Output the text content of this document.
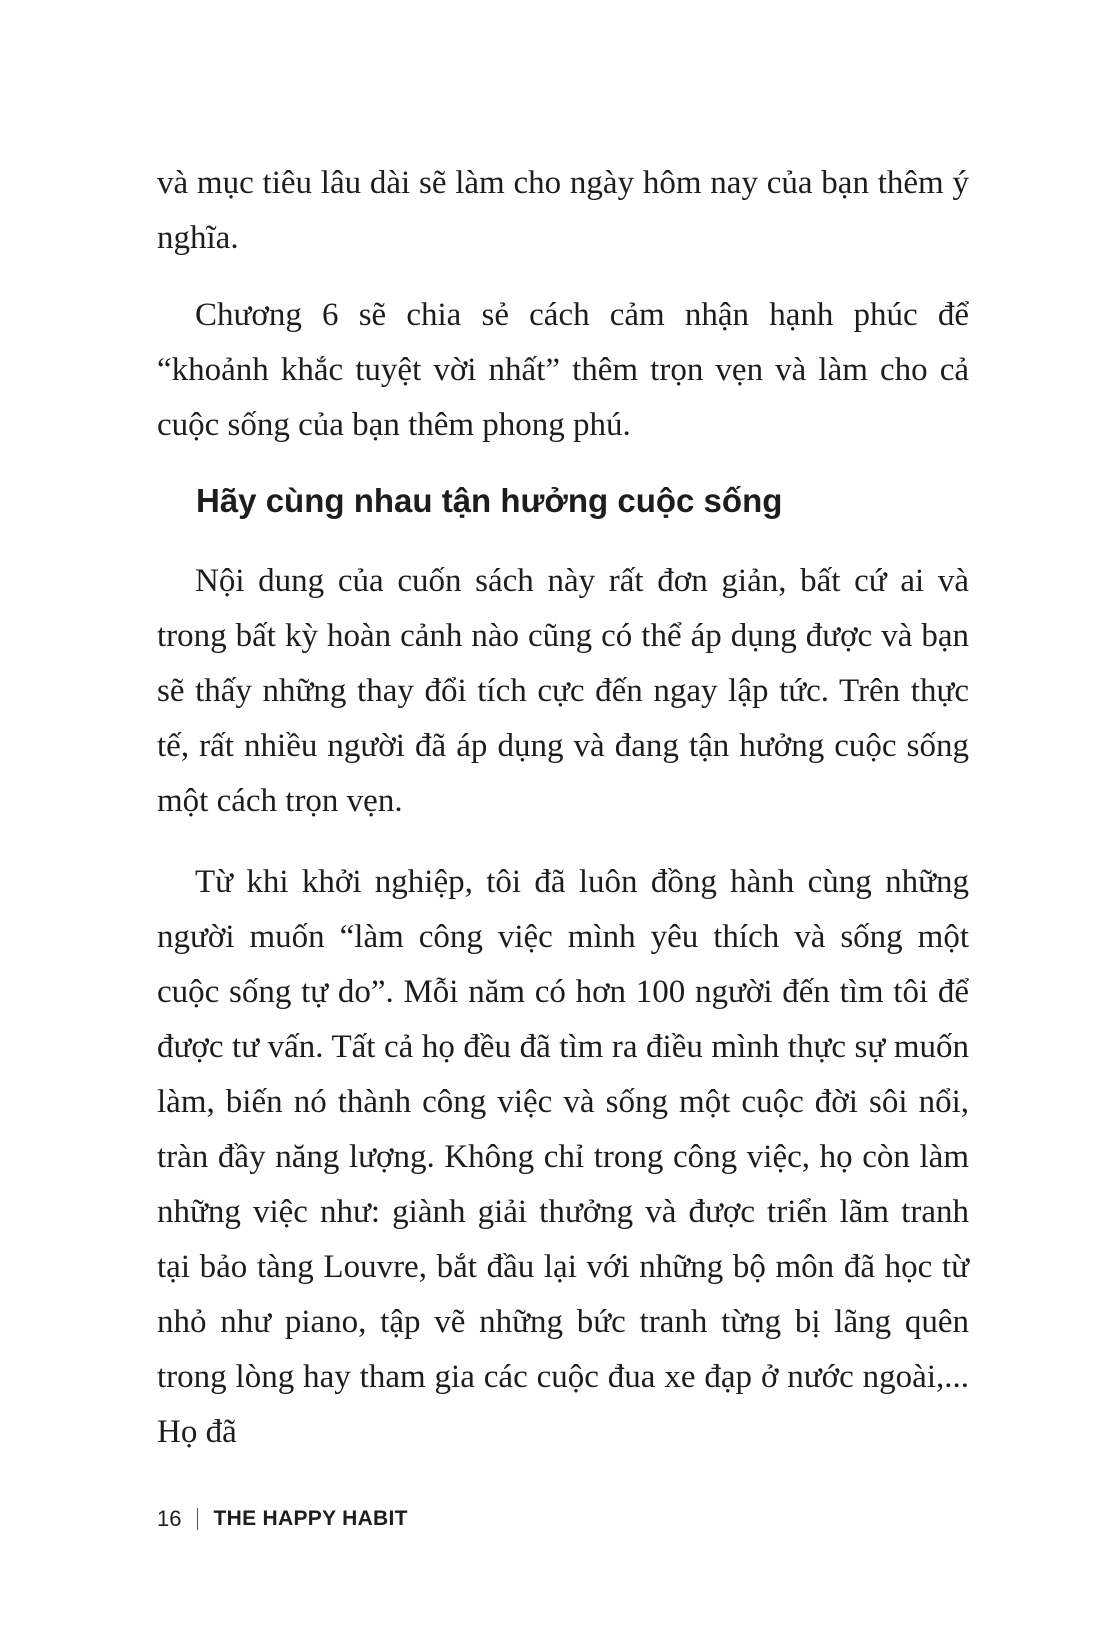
và mục tiêu lâu dài sẽ làm cho ngày hôm nay của bạn thêm ý nghĩa.

Chương 6 sẽ chia sẻ cách cảm nhận hạnh phúc để “khoảnh khắc tuyệt vời nhất” thêm trọn vẹn và làm cho cả cuộc sống của bạn thêm phong phú.

Hãy cùng nhau tận hưởng cuộc sống

Nội dung của cuốn sách này rất đơn giản, bất cứ ai và trong bất kỳ hoàn cảnh nào cũng có thể áp dụng được và bạn sẽ thấy những thay đổi tích cực đến ngay lập tức. Trên thực tế, rất nhiều người đã áp dụng và đang tận hưởng cuộc sống một cách trọn vẹn.

Từ khi khởi nghiệp, tôi đã luôn đồng hành cùng những người muốn “làm công việc mình yêu thích và sống một cuộc sống tự do”. Mỗi năm có hơn 100 người đến tìm tôi để được tư vấn. Tất cả họ đều đã tìm ra điều mình thực sự muốn làm, biến nó thành công việc và sống một cuộc đời sôi nổi, tràn đầy năng lượng. Không chỉ trong công việc, họ còn làm những việc như: giành giải thưởng và được triển lãm tranh tại bảo tàng Louvre, bắt đầu lại với những bộ môn đã học từ nhỏ như piano, tập vẽ những bức tranh từng bị lãng quên trong lòng hay tham gia các cuộc đua xe đạp ở nước ngoài,... Họ đã

16 THE HAPPY HABIT
